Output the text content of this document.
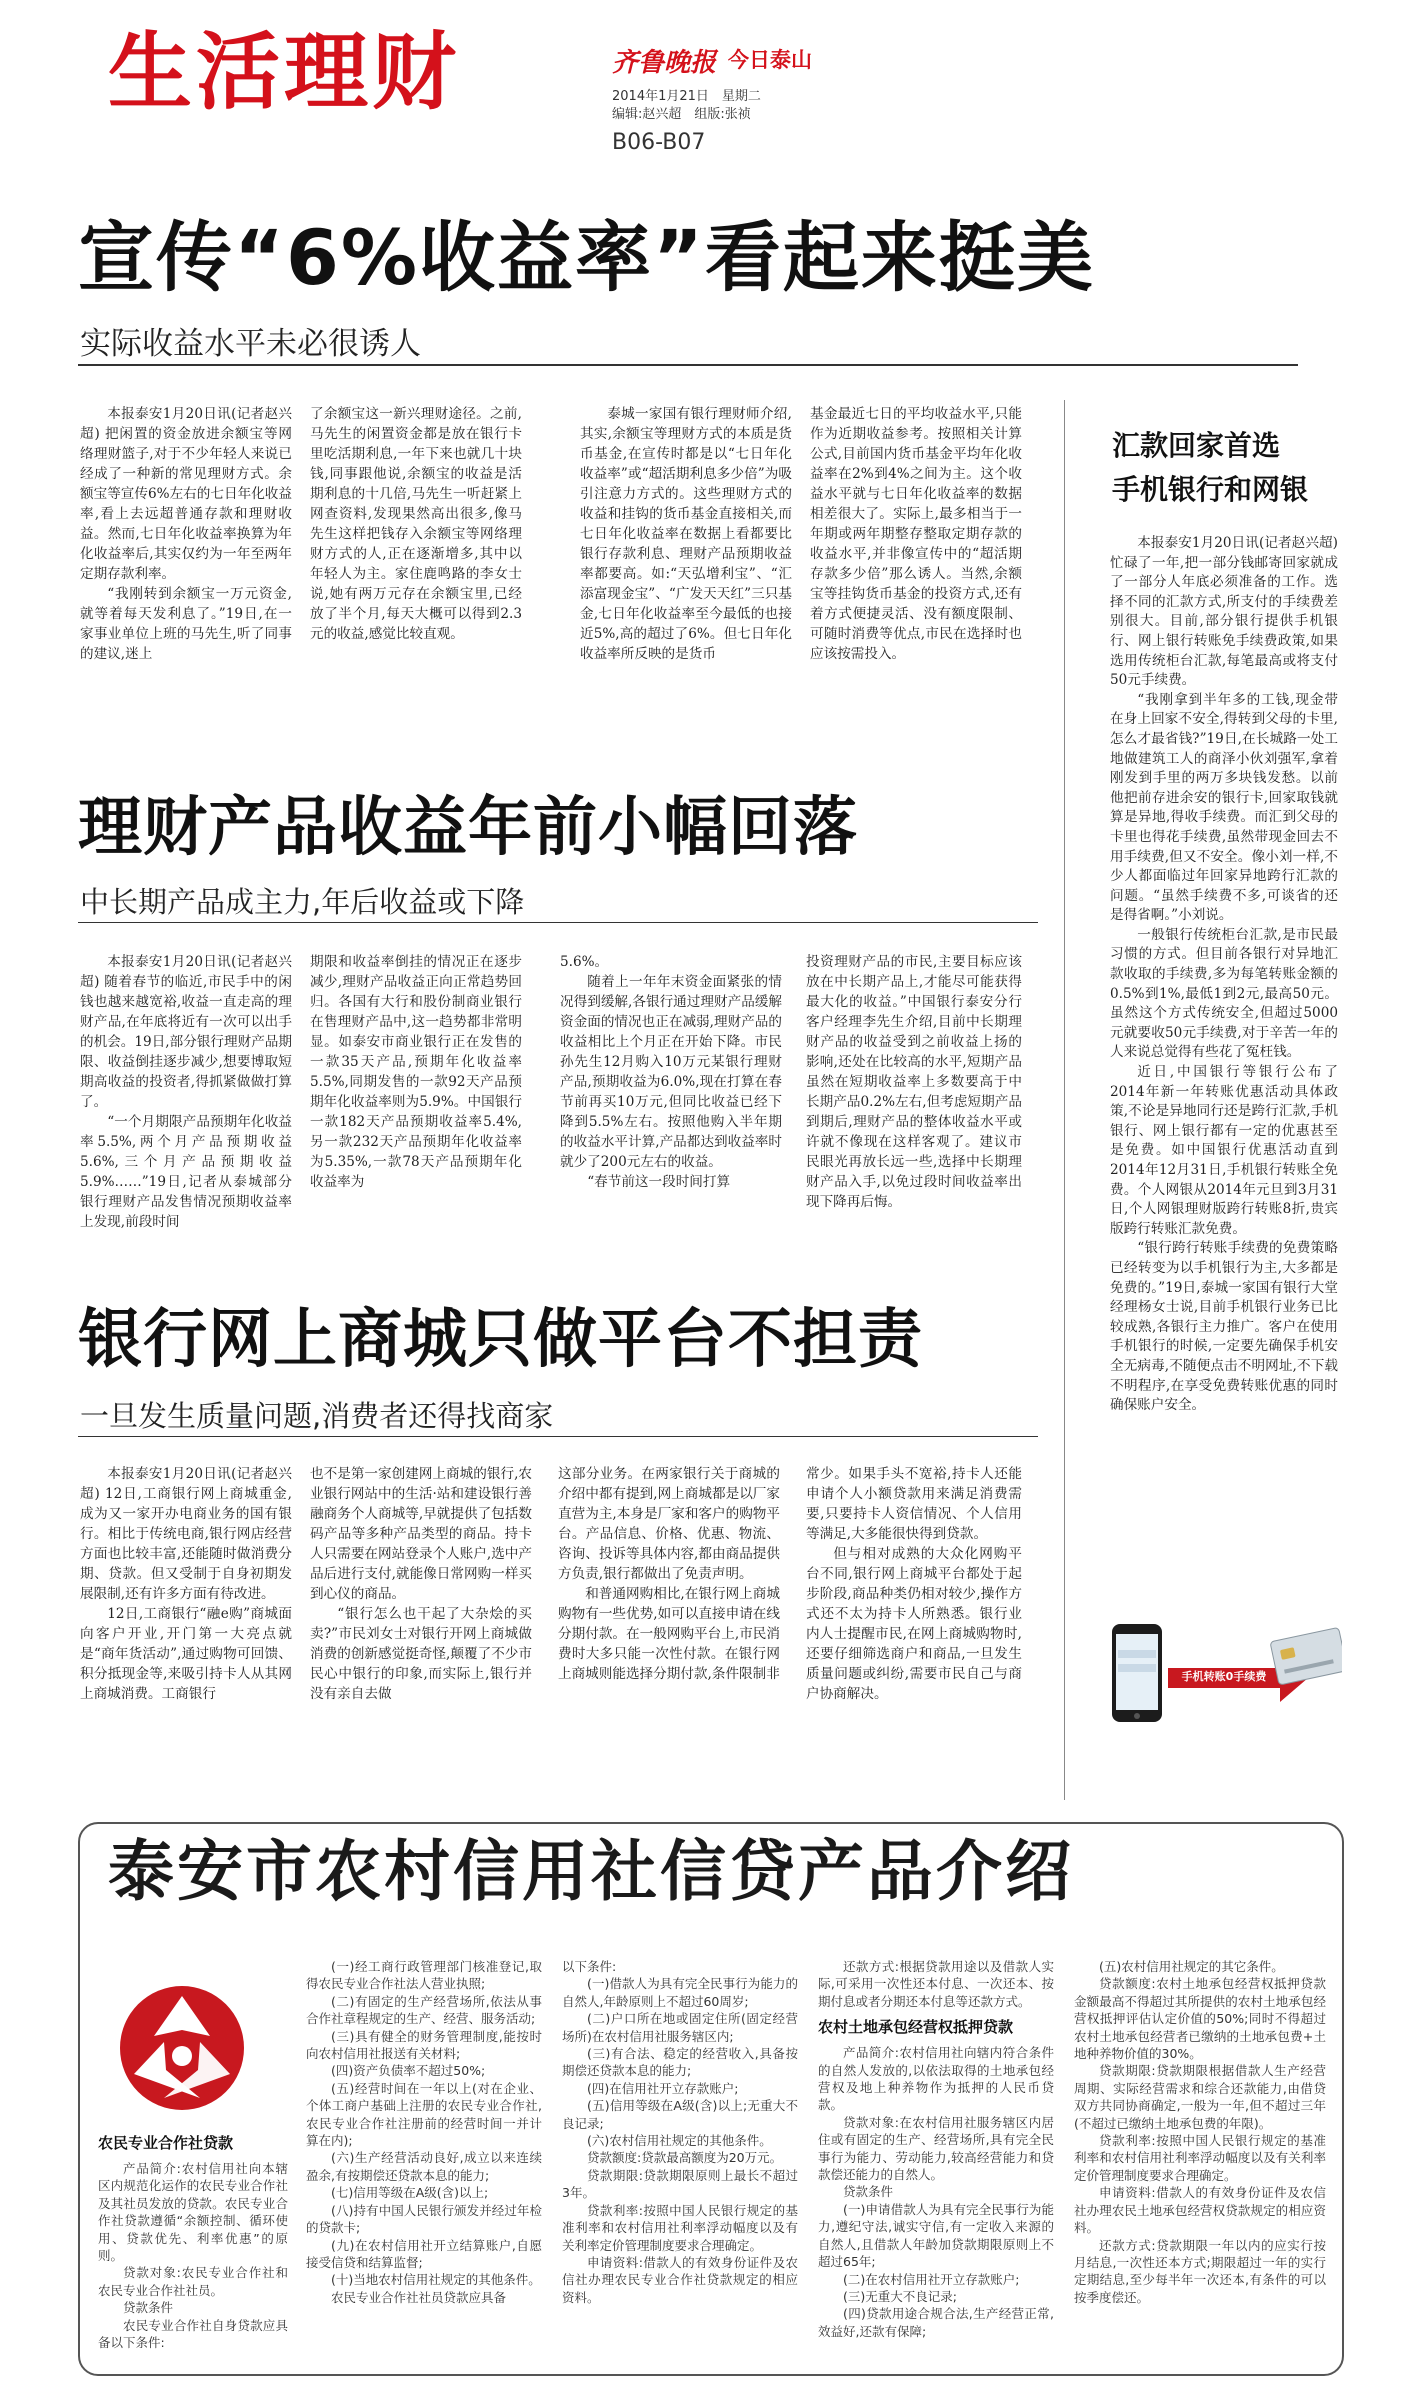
生活理财	齐鲁晚报 今日泰山
2014年1月21日　星期二
编辑:赵兴超　组版:张祯
B06-B07
宣传“6%收益率”看起来挺美
实际收益水平未必很诱人

本报泰安1月20日讯(记者赵兴超) 把闲置的资金放进余额宝等网络理财篮子,对于不少年轻人来说已经成了一种新的常见理财方式。余额宝等宣传6%左右的七日年化收益率,看上去远超普通存款和理财收益。然而,七日年化收益率换算为年化收益率后,其实仅约为一年至两年定期存款利率。

“我刚转到余额宝一万元资金,就等着每天发利息了。”19日,在一家事业单位上班的马先生,听了同事的建议,迷上

了余额宝这一新兴理财途径。之前,马先生的闲置资金都是放在银行卡里吃活期利息,一年下来也就几十块钱,同事跟他说,余额宝的收益是活期利息的十几倍,马先生一听赶紧上网查资料,发现果然高出很多,像马先生这样把钱存入余额宝等网络理财方式的人,正在逐渐增多,其中以年轻人为主。家住鹿鸣路的李女士说,她有两万元存在余额宝里,已经放了半个月,每天大概可以得到2.3元的收益,感觉比较直观。

泰城一家国有银行理财师介绍,其实,余额宝等理财方式的本质是货币基金,在宣传时都是以“七日年化收益率”或“超活期利息多少倍”为吸引注意力方式的。这些理财方式的收益和挂钩的货币基金直接相关,而七日年化收益率在数据上看都要比银行存款利息、理财产品预期收益率都要高。如:“天弘增利宝”、“汇添富现金宝”、“广发天天红”三只基金,七日年化收益率至今最低的也接近5%,高的超过了6%。但七日年化收益率所反映的是货币

基金最近七日的平均收益水平,只能作为近期收益参考。按照相关计算公式,目前国内货币基金平均年化收益率在2%到4%之间为主。这个收益水平就与七日年化收益率的数据相差很大了。实际上,最多相当于一年期或两年期整存整取定期存款的收益水平,并非像宣传中的“超活期存款多少倍”那么诱人。当然,余额宝等挂钩货币基金的投资方式,还有着方式便捷灵活、没有额度限制、可随时消费等优点,市民在选择时也应该按需投入。

理财产品收益年前小幅回落
中长期产品成主力,年后收益或下降

本报泰安1月20日讯(记者赵兴超) 随着春节的临近,市民手中的闲钱也越来越宽裕,收益一直走高的理财产品,在年底将近有一次可以出手的机会。19日,部分银行理财产品期限、收益倒挂逐步减少,想要博取短期高收益的投资者,得抓紧做做打算了。

“一个月期限产品预期年化收益率5.5%,两个月产品预期收益5.6%,三个月产品预期收益5.9%……”19日,记者从泰城部分银行理财产品发售情况预期收益率上发现,前段时间

期限和收益率倒挂的情况正在逐步减少,理财产品收益正向正常趋势回归。各国有大行和股份制商业银行在售理财产品中,这一趋势都非常明显。如泰安市商业银行正在发售的一款35天产品,预期年化收益率5.5%,同期发售的一款92天产品预期年化收益率则为5.9%。中国银行一款182天产品预期收益率5.4%,另一款232天产品预期年化收益率为5.35%,一款78天产品预期年化收益率为

5.6%。

随着上一年年末资金面紧张的情况得到缓解,各银行通过理财产品缓解资金面的情况也正在减弱,理财产品的收益相比上个月正在开始下降。市民孙先生12月购入10万元某银行理财产品,预期收益为6.0%,现在打算在春节前再买10万元,但同比收益已经下降到5.5%左右。按照他购入半年期的收益水平计算,产品都达到收益率时就少了200元左右的收益。

“春节前这一段时间打算

投资理财产品的市民,主要目标应该放在中长期产品上,才能尽可能获得最大化的收益。”中国银行泰安分行客户经理李先生介绍,目前中长期理财产品的收益受到之前收益上扬的影响,还处在比较高的水平,短期产品虽然在短期收益率上多数要高于中长期产品0.2%左右,但考虑短期产品到期后,理财产品的整体收益水平或许就不像现在这样客观了。建议市民眼光再放长远一些,选择中长期理财产品入手,以免过段时间收益率出现下降再后悔。

银行网上商城只做平台不担责
一旦发生质量问题,消费者还得找商家

本报泰安1月20日讯(记者赵兴超) 12日,工商银行网上商城重金,成为又一家开办电商业务的国有银行。相比于传统电商,银行网店经营方面也比较丰富,还能随时做消费分期、贷款。但又受制于自身初期发展限制,还有许多方面有待改进。

12日,工商银行“融e购”商城面向客户开业,开门第一大亮点就是“商年货活动”,通过购物可回馈、积分抵现金等,来吸引持卡人从其网上商城消费。工商银行

也不是第一家创建网上商城的银行,农业银行网站中的生活·站和建设银行善融商务个人商城等,早就提供了包括数码产品等多种产品类型的商品。持卡人只需要在网站登录个人账户,选中产品后进行支付,就能像日常网购一样买到心仪的商品。

“银行怎么也干起了大杂烩的买卖?”市民刘女士对银行开网上商城做消费的创新感觉挺奇怪,颠覆了不少市民心中银行的印象,而实际上,银行并没有亲自去做

这部分业务。在两家银行关于商城的介绍中都有提到,网上商城都是以厂家直营为主,本身是厂家和客户的购物平台。产品信息、价格、优惠、物流、咨询、投诉等具体内容,都由商品提供方负责,银行都做出了免责声明。

和普通网购相比,在银行网上商城购物有一些优势,如可以直接申请在线分期付款。在一般网购平台上,市民消费时大多只能一次性付款。在银行网上商城则能选择分期付款,条件限制非

常少。如果手头不宽裕,持卡人还能申请个人小额贷款用来满足消费需要,只要持卡人资信情况、个人信用等满足,大多能很快得到贷款。

但与相对成熟的大众化网购平台不同,银行网上商城平台都处于起步阶段,商品种类仍相对较少,操作方式还不太为持卡人所熟悉。银行业内人士提醒市民,在网上商城购物时,还要仔细筛选商户和商品,一旦发生质量问题或纠纷,需要市民自己与商户协商解决。

汇款回家首选
手机银行和网银

本报泰安1月20日讯(记者赵兴超) 忙碌了一年,把一部分钱邮寄回家就成了一部分人年底必须准备的工作。选择不同的汇款方式,所支付的手续费差别很大。目前,部分银行提供手机银行、网上银行转账免手续费政策,如果选用传统柜台汇款,每笔最高或将支付50元手续费。

“我刚拿到半年多的工钱,现金带在身上回家不安全,得转到父母的卡里,怎么才最省钱?”19日,在长城路一处工地做建筑工人的商泽小伙刘强军,拿着刚发到手里的两万多块钱发愁。以前他把前存进余安的银行卡,回家取钱就算是异地,得收手续费。而汇到父母的卡里也得花手续费,虽然带现金回去不用手续费,但又不安全。像小刘一样,不少人都面临过年回家异地跨行汇款的问题。“虽然手续费不多,可谈省的还是得省啊。”小刘说。

一般银行传统柜台汇款,是市民最习惯的方式。但目前各银行对异地汇款收取的手续费,多为每笔转账金额的0.5%到1%,最低1到2元,最高50元。虽然这个方式传统安全,但超过5000元就要收50元手续费,对于辛苦一年的人来说总觉得有些花了冤枉钱。

近日,中国银行等银行公布了2014年新一年转账优惠活动具体政策,不论是异地同行还是跨行汇款,手机银行、网上银行都有一定的优惠甚至是免费。如中国银行优惠活动直到2014年12月31日,手机银行转账全免费。个人网银从2014年元旦到3月31日,个人网银理财版跨行转账8折,贵宾版跨行转账汇款免费。

“银行跨行转账手续费的免费策略已经转变为以手机银行为主,大多都是免费的。”19日,泰城一家国有银行大堂经理杨女士说,目前手机银行业务已比较成熟,各银行主力推广。客户在使用手机银行的时候,一定要先确保手机安全无病毒,不随便点击不明网址,不下载不明程序,在享受免费转账优惠的同时确保账户安全。

手机转账0手续费
泰安市农村信用社信贷产品介绍
农民专业合作社贷款

产品简介:农村信用社向本辖区内规范化运作的农民专业合作社及其社员发放的贷款。农民专业合作社贷款遵循“余额控制、循环使用、贷款优先、利率优惠”的原则。

贷款对象:农民专业合作社和农民专业合作社社员。

贷款条件

农民专业合作社自身贷款应具备以下条件:

(一)经工商行政管理部门核准登记,取得农民专业合作社法人营业执照;

(二)有固定的生产经营场所,依法从事合作社章程规定的生产、经营、服务活动;

(三)具有健全的财务管理制度,能按时向农村信用社报送有关材料;

(四)资产负债率不超过50%;

(五)经营时间在一年以上(对在企业、个体工商户基础上注册的农民专业合作社,农民专业合作社注册前的经营时间一并计算在内);

(六)生产经营活动良好,成立以来连续盈余,有按期偿还贷款本息的能力;

(七)信用等级在A级(含)以上;

(八)持有中国人民银行颁发并经过年检的贷款卡;

(九)在农村信用社开立结算账户,自愿接受信贷和结算监督;

(十)当地农村信用社规定的其他条件。

农民专业合作社社员贷款应具备

以下条件:

(一)借款人为具有完全民事行为能力的自然人,年龄原则上不超过60周岁;

(二)户口所在地或固定住所(固定经营场所)在农村信用社服务辖区内;

(三)有合法、稳定的经营收入,具备按期偿还贷款本息的能力;

(四)在信用社开立存款账户;

(五)信用等级在A级(含)以上;无重大不良记录;

(六)农村信用社规定的其他条件。

贷款额度:贷款最高额度为20万元。

贷款期限:贷款期限原则上最长不超过3年。

贷款利率:按照中国人民银行规定的基准利率和农村信用社利率浮动幅度以及有关利率定价管理制度要求合理确定。

申请资料:借款人的有效身份证件及农信社办理农民专业合作社贷款规定的相应资料。

还款方式:根据贷款用途以及借款人实际,可采用一次性还本付息、一次还本、按期付息或者分期还本付息等还款方式。

农村土地承包经营权抵押贷款

产品简介:农村信用社向辖内符合条件的自然人发放的,以依法取得的土地承包经营权及地上种养物作为抵押的人民币贷款。

贷款对象:在农村信用社服务辖区内居住或有固定的生产、经营场所,具有完全民事行为能力、劳动能力,较高经营能力和贷款偿还能力的自然人。

贷款条件

(一)申请借款人为具有完全民事行为能力,遵纪守法,诚实守信,有一定收入来源的自然人,且借款人年龄加贷款期限原则上不超过65年;

(二)在农村信用社开立存款账户;

(三)无重大不良记录;

(四)贷款用途合规合法,生产经营正常,效益好,还款有保障;

(五)农村信用社规定的其它条件。

贷款额度:农村土地承包经营权抵押贷款金额最高不得超过其所提供的农村土地承包经营权抵押评估认定价值的50%;同时不得超过农村土地承包经营者已缴纳的土地承包费+土地种养物价值的30%。

贷款期限:贷款期限根据借款人生产经营周期、实际经营需求和综合还款能力,由借贷双方共同协商确定,一般为一年,但不超过三年(不超过已缴纳土地承包费的年限)。

贷款利率:按照中国人民银行规定的基准利率和农村信用社利率浮动幅度以及有关利率定价管理制度要求合理确定。

申请资料:借款人的有效身份证件及农信社办理农民土地承包经营权贷款规定的相应资料。

还款方式:贷款期限一年以内的应实行按月结息,一次性还本方式;期限超过一年的实行定期结息,至少每半年一次还本,有条件的可以按季度偿还。
